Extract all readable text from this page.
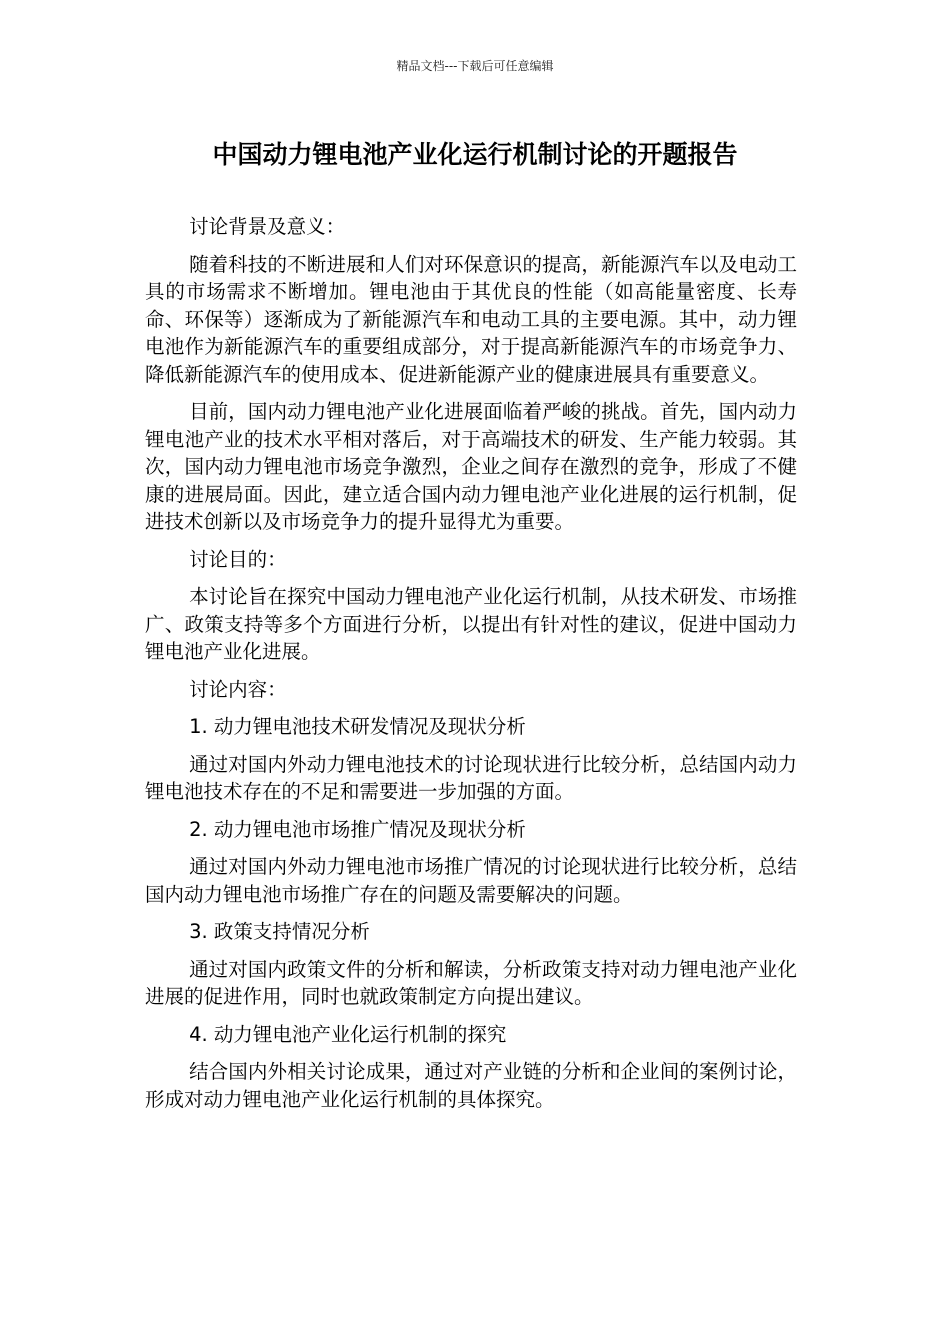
精品文档---下载后可任意编辑
中国动力锂电池产业化运行机制讨论的开题报告

讨论背景及意义：

随着科技的不断进展和人们对环保意识的提高，新能源汽车以及电动工具的市场需求不断增加。锂电池由于其优良的性能（如高能量密度、长寿命、环保等）逐渐成为了新能源汽车和电动工具的主要电源。其中，动力锂电池作为新能源汽车的重要组成部分，对于提高新能源汽车的市场竞争力、降低新能源汽车的使用成本、促进新能源产业的健康进展具有重要意义。

目前，国内动力锂电池产业化进展面临着严峻的挑战。首先，国内动力锂电池产业的技术水平相对落后，对于高端技术的研发、生产能力较弱。其次，国内动力锂电池市场竞争激烈，企业之间存在激烈的竞争，形成了不健康的进展局面。因此，建立适合国内动力锂电池产业化进展的运行机制，促进技术创新以及市场竞争力的提升显得尤为重要。

讨论目的：

本讨论旨在探究中国动力锂电池产业化运行机制，从技术研发、市场推广、政策支持等多个方面进行分析，以提出有针对性的建议，促进中国动力锂电池产业化进展。

讨论内容：

1. 动力锂电池技术研发情况及现状分析

通过对国内外动力锂电池技术的讨论现状进行比较分析，总结国内动力锂电池技术存在的不足和需要进一步加强的方面。

2. 动力锂电池市场推广情况及现状分析

通过对国内外动力锂电池市场推广情况的讨论现状进行比较分析，总结国内动力锂电池市场推广存在的问题及需要解决的问题。

3. 政策支持情况分析

通过对国内政策文件的分析和解读，分析政策支持对动力锂电池产业化进展的促进作用，同时也就政策制定方向提出建议。

4. 动力锂电池产业化运行机制的探究

结合国内外相关讨论成果，通过对产业链的分析和企业间的案例讨论，形成对动力锂电池产业化运行机制的具体探究。
